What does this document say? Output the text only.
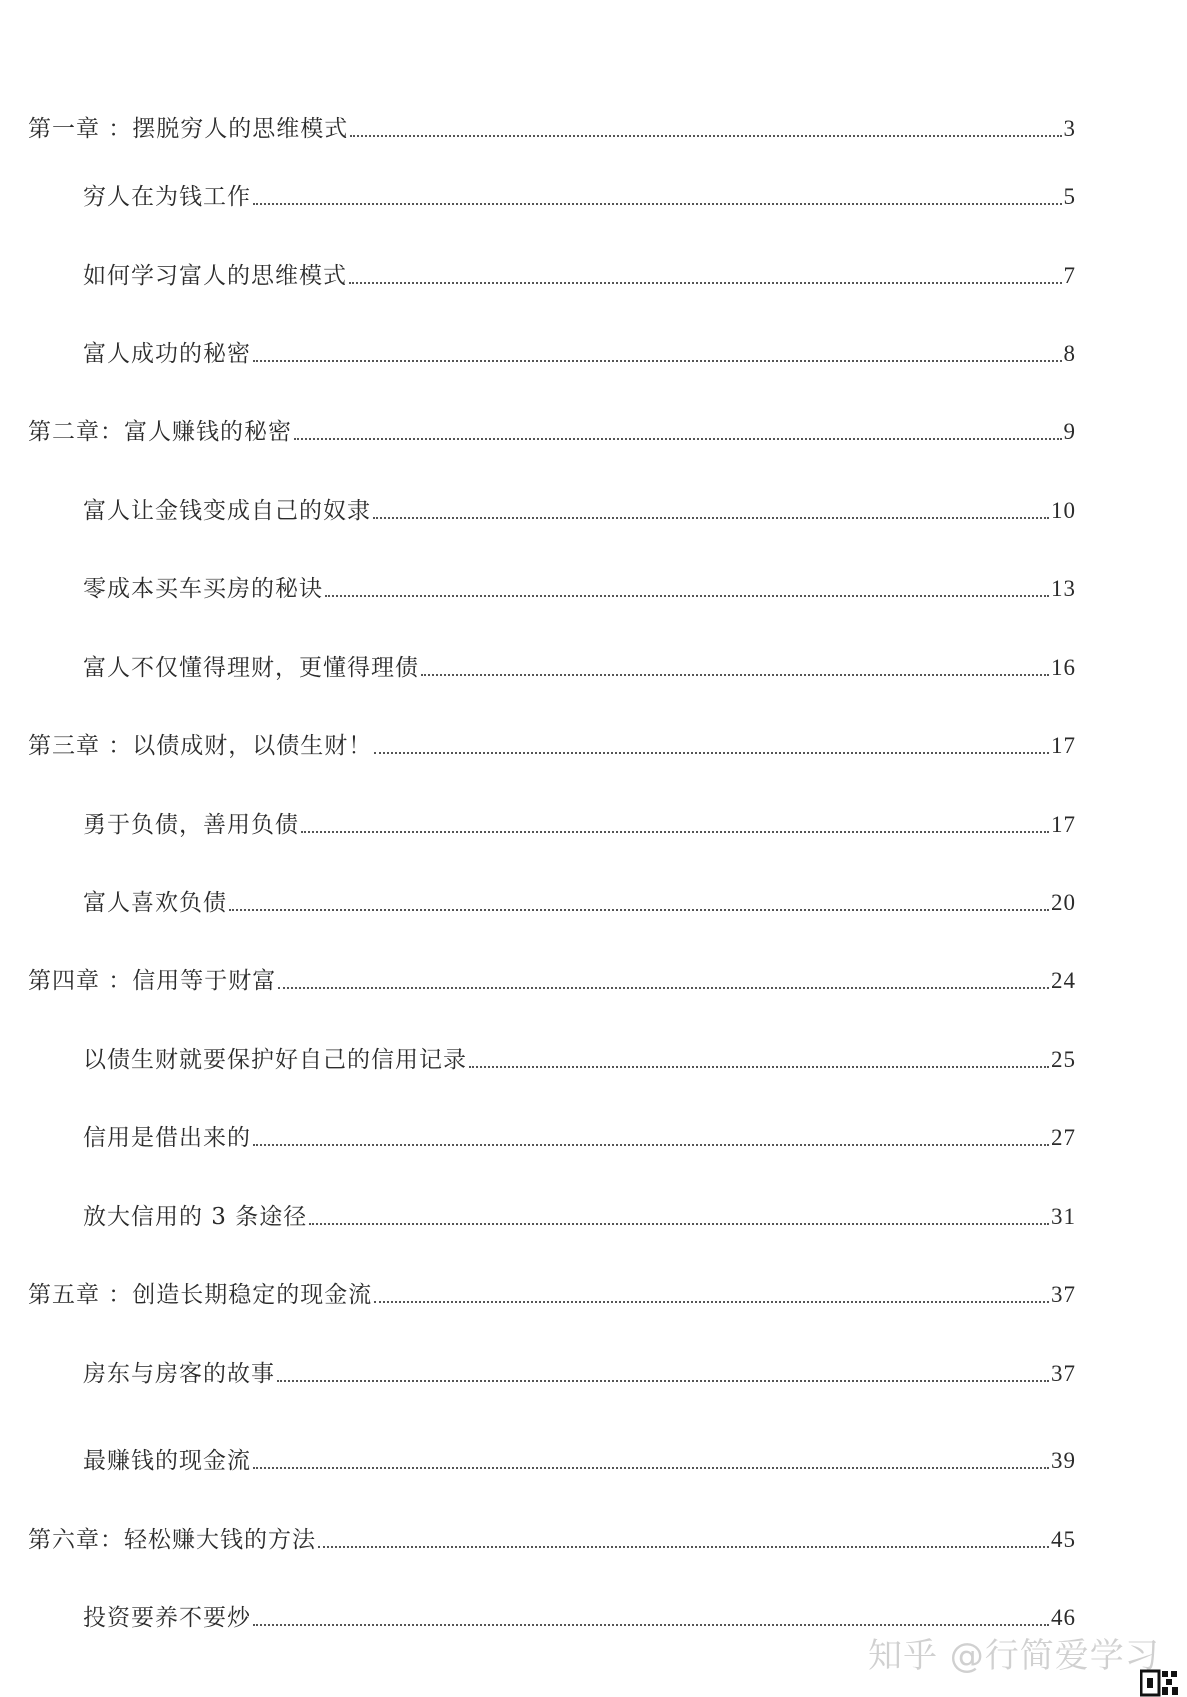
第一章 ：摆脱穷人的思维模式	3
穷人在为钱工作	5
如何学习富人的思维模式	7
富人成功的秘密	8
第二章：富人赚钱的秘密	9
富人让金钱变成自己的奴隶	10
零成本买车买房的秘诀	13
富人不仅懂得理财，更懂得理债	16
第三章 ：以债成财，以债生财！	17
勇于负债，善用负债	17
富人喜欢负债	20
第四章 ：信用等于财富	24
以债生财就要保护好自己的信用记录	25
信用是借出来的	27
放大信用的 3 条途径	31
第五章 ：创造长期稳定的现金流	37
房东与房客的故事	37
最赚钱的现金流	39
第六章：轻松赚大钱的方法	45
投资要养不要炒	46
知乎 @行简爱学习
